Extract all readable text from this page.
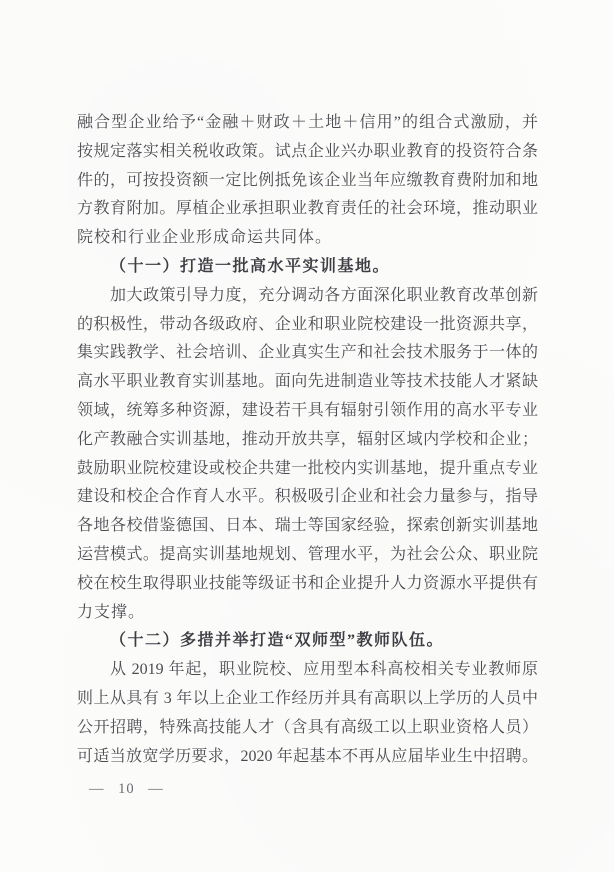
融合型企业给予“金融＋财政＋土地＋信用”的组合式激励，并
按规定落实相关税收政策。试点企业兴办职业教育的投资符合条
件的，可按投资额一定比例抵免该企业当年应缴教育费附加和地
方教育附加。厚植企业承担职业教育责任的社会环境，推动职业
院校和行业企业形成命运共同体。
（十一）打造一批高水平实训基地。
加大政策引导力度，充分调动各方面深化职业教育改革创新
的积极性，带动各级政府、企业和职业院校建设一批资源共享，
集实践教学、社会培训、企业真实生产和社会技术服务于一体的
高水平职业教育实训基地。面向先进制造业等技术技能人才紧缺
领域，统筹多种资源，建设若干具有辐射引领作用的高水平专业
化产教融合实训基地，推动开放共享，辐射区域内学校和企业；
鼓励职业院校建设或校企共建一批校内实训基地，提升重点专业
建设和校企合作育人水平。积极吸引企业和社会力量参与，指导
各地各校借鉴德国、日本、瑞士等国家经验，探索创新实训基地
运营模式。提高实训基地规划、管理水平，为社会公众、职业院
校在校生取得职业技能等级证书和企业提升人力资源水平提供有
力支撑。
（十二）多措并举打造“双师型”教师队伍。
从 2019 年起，职业院校、应用型本科高校相关专业教师原
则上从具有 3 年以上企业工作经历并具有高职以上学历的人员中
公开招聘，特殊高技能人才（含具有高级工以上职业资格人员）
可适当放宽学历要求，2020 年起基本不再从应届毕业生中招聘。
— 10 —
